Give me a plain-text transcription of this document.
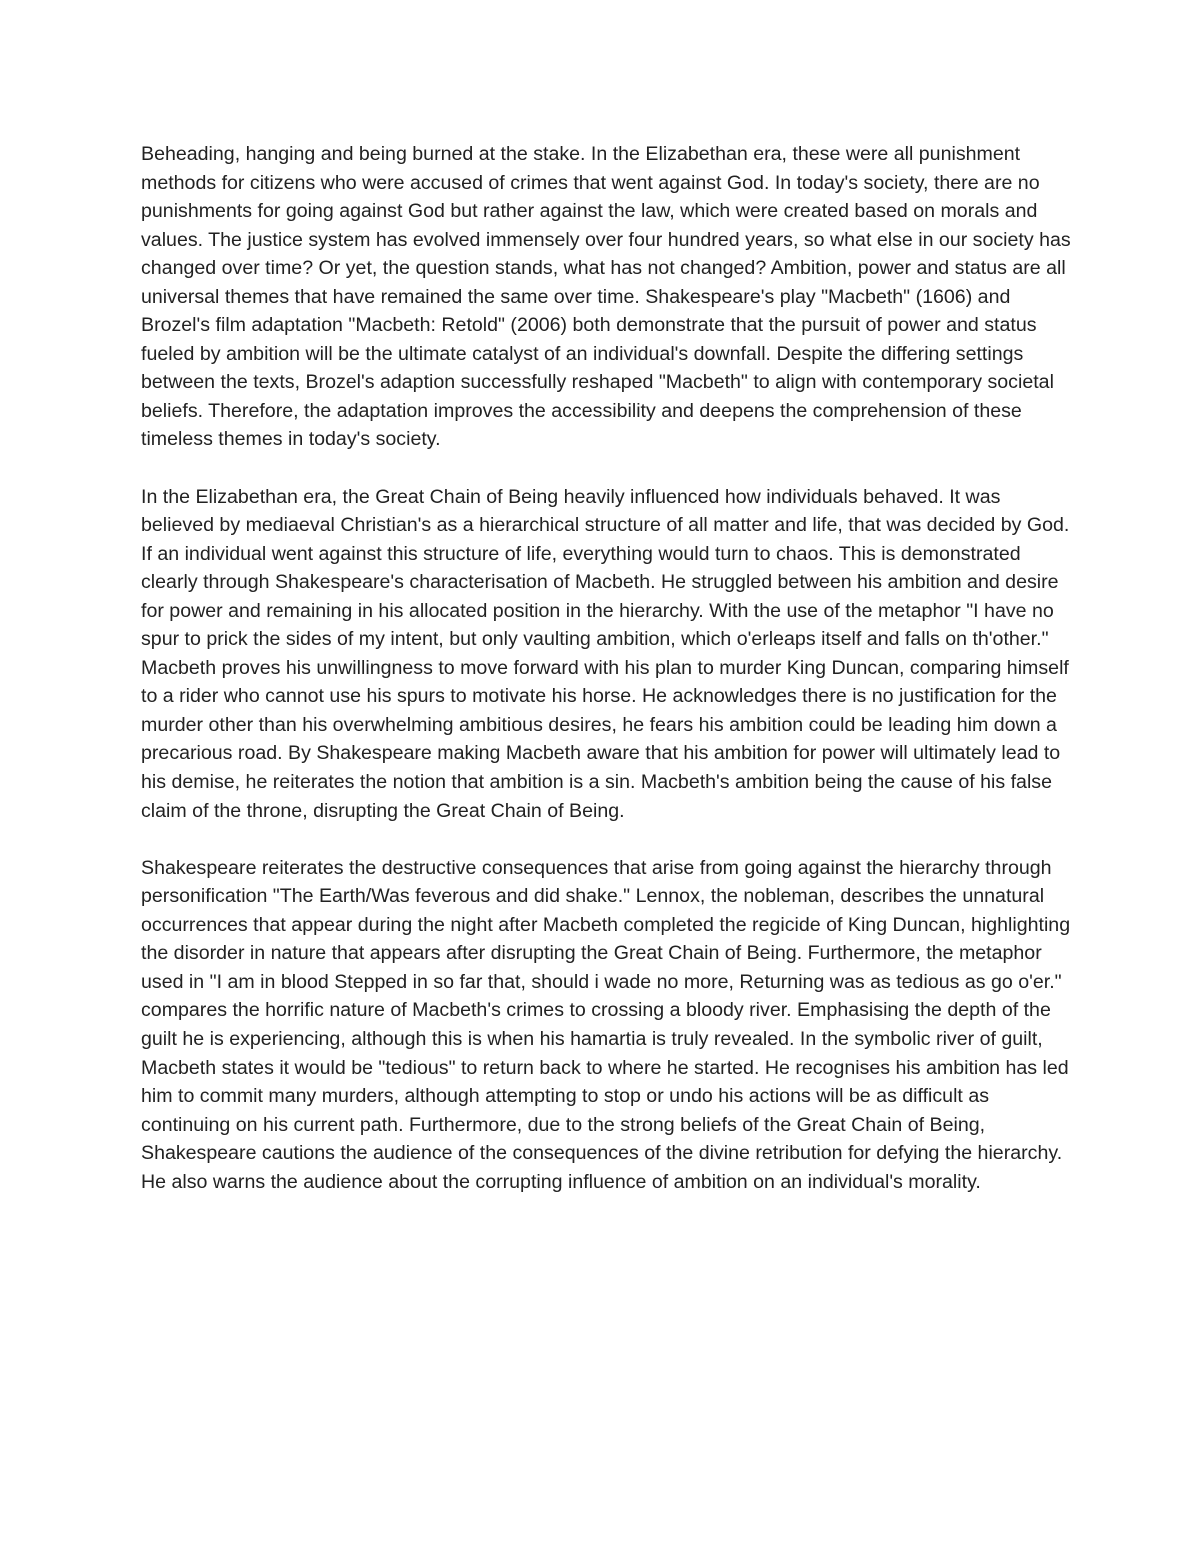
Beheading, hanging and being burned at the stake. In the Elizabethan era, these were all punishment methods for citizens who were accused of crimes that went against God. In today's society, there are no punishments for going against God but rather against the law, which were created based on morals and values. The justice system has evolved immensely over four hundred years, so what else in our society has changed over time? Or yet, the question stands, what has not changed? Ambition, power and status are all universal themes that have remained the same over time. Shakespeare's play "Macbeth" (1606) and Brozel's film adaptation "Macbeth: Retold" (2006) both demonstrate that the pursuit of power and status fueled by ambition will be the ultimate catalyst of an individual's downfall. Despite the differing settings between the texts, Brozel's adaption successfully reshaped "Macbeth" to align with contemporary societal beliefs. Therefore, the adaptation improves the accessibility and deepens the comprehension of these timeless themes in today's society.

In the Elizabethan era, the Great Chain of Being heavily influenced how individuals behaved. It was believed by mediaeval Christian's as a hierarchical structure of all matter and life, that was decided by God. If an individual went against this structure of life, everything would turn to chaos. This is demonstrated clearly through Shakespeare's characterisation of Macbeth. He struggled between his ambition and desire for power and remaining in his allocated position in the hierarchy. With the use of the metaphor "I have no spur to prick the sides of my intent, but only vaulting ambition, which o'erleaps itself and falls on th'other." Macbeth proves his unwillingness to move forward with his plan to murder King Duncan, comparing himself to a rider who cannot use his spurs to motivate his horse. He acknowledges there is no justification for the murder other than his overwhelming ambitious desires, he fears his ambition could be leading him down a precarious road. By Shakespeare making Macbeth aware that his ambition for power will ultimately lead to his demise, he reiterates the notion that ambition is a sin. Macbeth's ambition being the cause of his false claim of the throne, disrupting the Great Chain of Being.

Shakespeare reiterates the destructive consequences that arise from going against the hierarchy through personification "The Earth/Was feverous and did shake." Lennox, the nobleman, describes the unnatural occurrences that appear during the night after Macbeth completed the regicide of King Duncan, highlighting the disorder in nature that appears after disrupting the Great Chain of Being. Furthermore, the metaphor used in "I am in blood Stepped in so far that, should i wade no more, Returning was as tedious as go o'er." compares the horrific nature of Macbeth's crimes to crossing a bloody river. Emphasising the depth of the guilt he is experiencing, although this is when his hamartia is truly revealed. In the symbolic river of guilt, Macbeth states it would be "tedious" to return back to where he started. He recognises his ambition has led him to commit many murders, although attempting to stop or undo his actions will be as difficult as continuing on his current path. Furthermore, due to the strong beliefs of the Great Chain of Being, Shakespeare cautions the audience of the consequences of the divine retribution for defying the hierarchy. He also warns the audience about the corrupting influence of ambition on an individual's morality.
